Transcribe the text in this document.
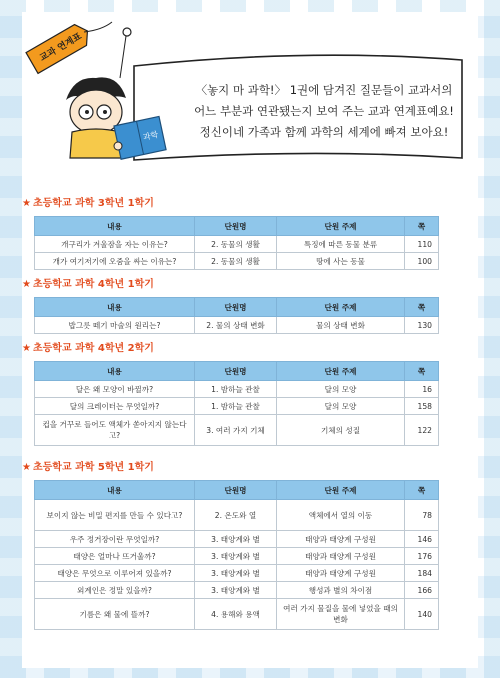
과학
교과 연계표
〈놓지 마 과학!〉 1권에 담겨진 질문들이 교과서의
어느 부분과 연관됐는지 보여 주는 교과 연계표예요!
정신이네 가족과 함께 과학의 세계에 빠져 보아요!
★ 초등학교 과학 3학년 1학기
내용	단원명	단원 주제	쪽
개구리가 겨울잠을 자는 이유는?	2. 동물의 생활	특징에 따른 동물 분류	110
개가 여기저기에 오줌을 싸는 이유는?	2. 동물의 생활	땅에 사는 동물	100
★ 초등학교 과학 4학년 1학기
내용	단원명	단원 주제	쪽
밥그릇 떼기 마술의 원리는?	2. 물의 상태 변화	물의 상태 변화	130
★ 초등학교 과학 4학년 2학기
내용	단원명	단원 주제	쪽
달은 왜 모양이 바뀔까?	1. 밤하늘 관찰	달의 모양	16
달의 크레이터는 무엇일까?	1. 밤하늘 관찰	달의 모양	158
컵을 거꾸로 들어도 액체가 쏟아지지 않는다고?	3. 여러 가지 기체	기체의 성질	122
★ 초등학교 과학 5학년 1학기
내용	단원명	단원 주제	쪽
보이지 않는 비밀 편지를 만들 수 있다고?	2. 온도와 열	액체에서 열의 이동	78
우주 정거장이란 무엇일까?	3. 태양계와 별	태양과 태양계 구성원	146
태양은 얼마나 뜨거울까?	3. 태양계와 별	태양과 태양계 구성원	176
태양은 무엇으로 이루어져 있을까?	3. 태양계와 별	태양과 태양계 구성원	184
외계인은 정말 있을까?	3. 태양계와 별	행성과 별의 차이점	166
기름은 왜 물에 뜰까?	4. 용해와 용액	여러 가지 물질을 물에 넣었을 때의 변화	140
